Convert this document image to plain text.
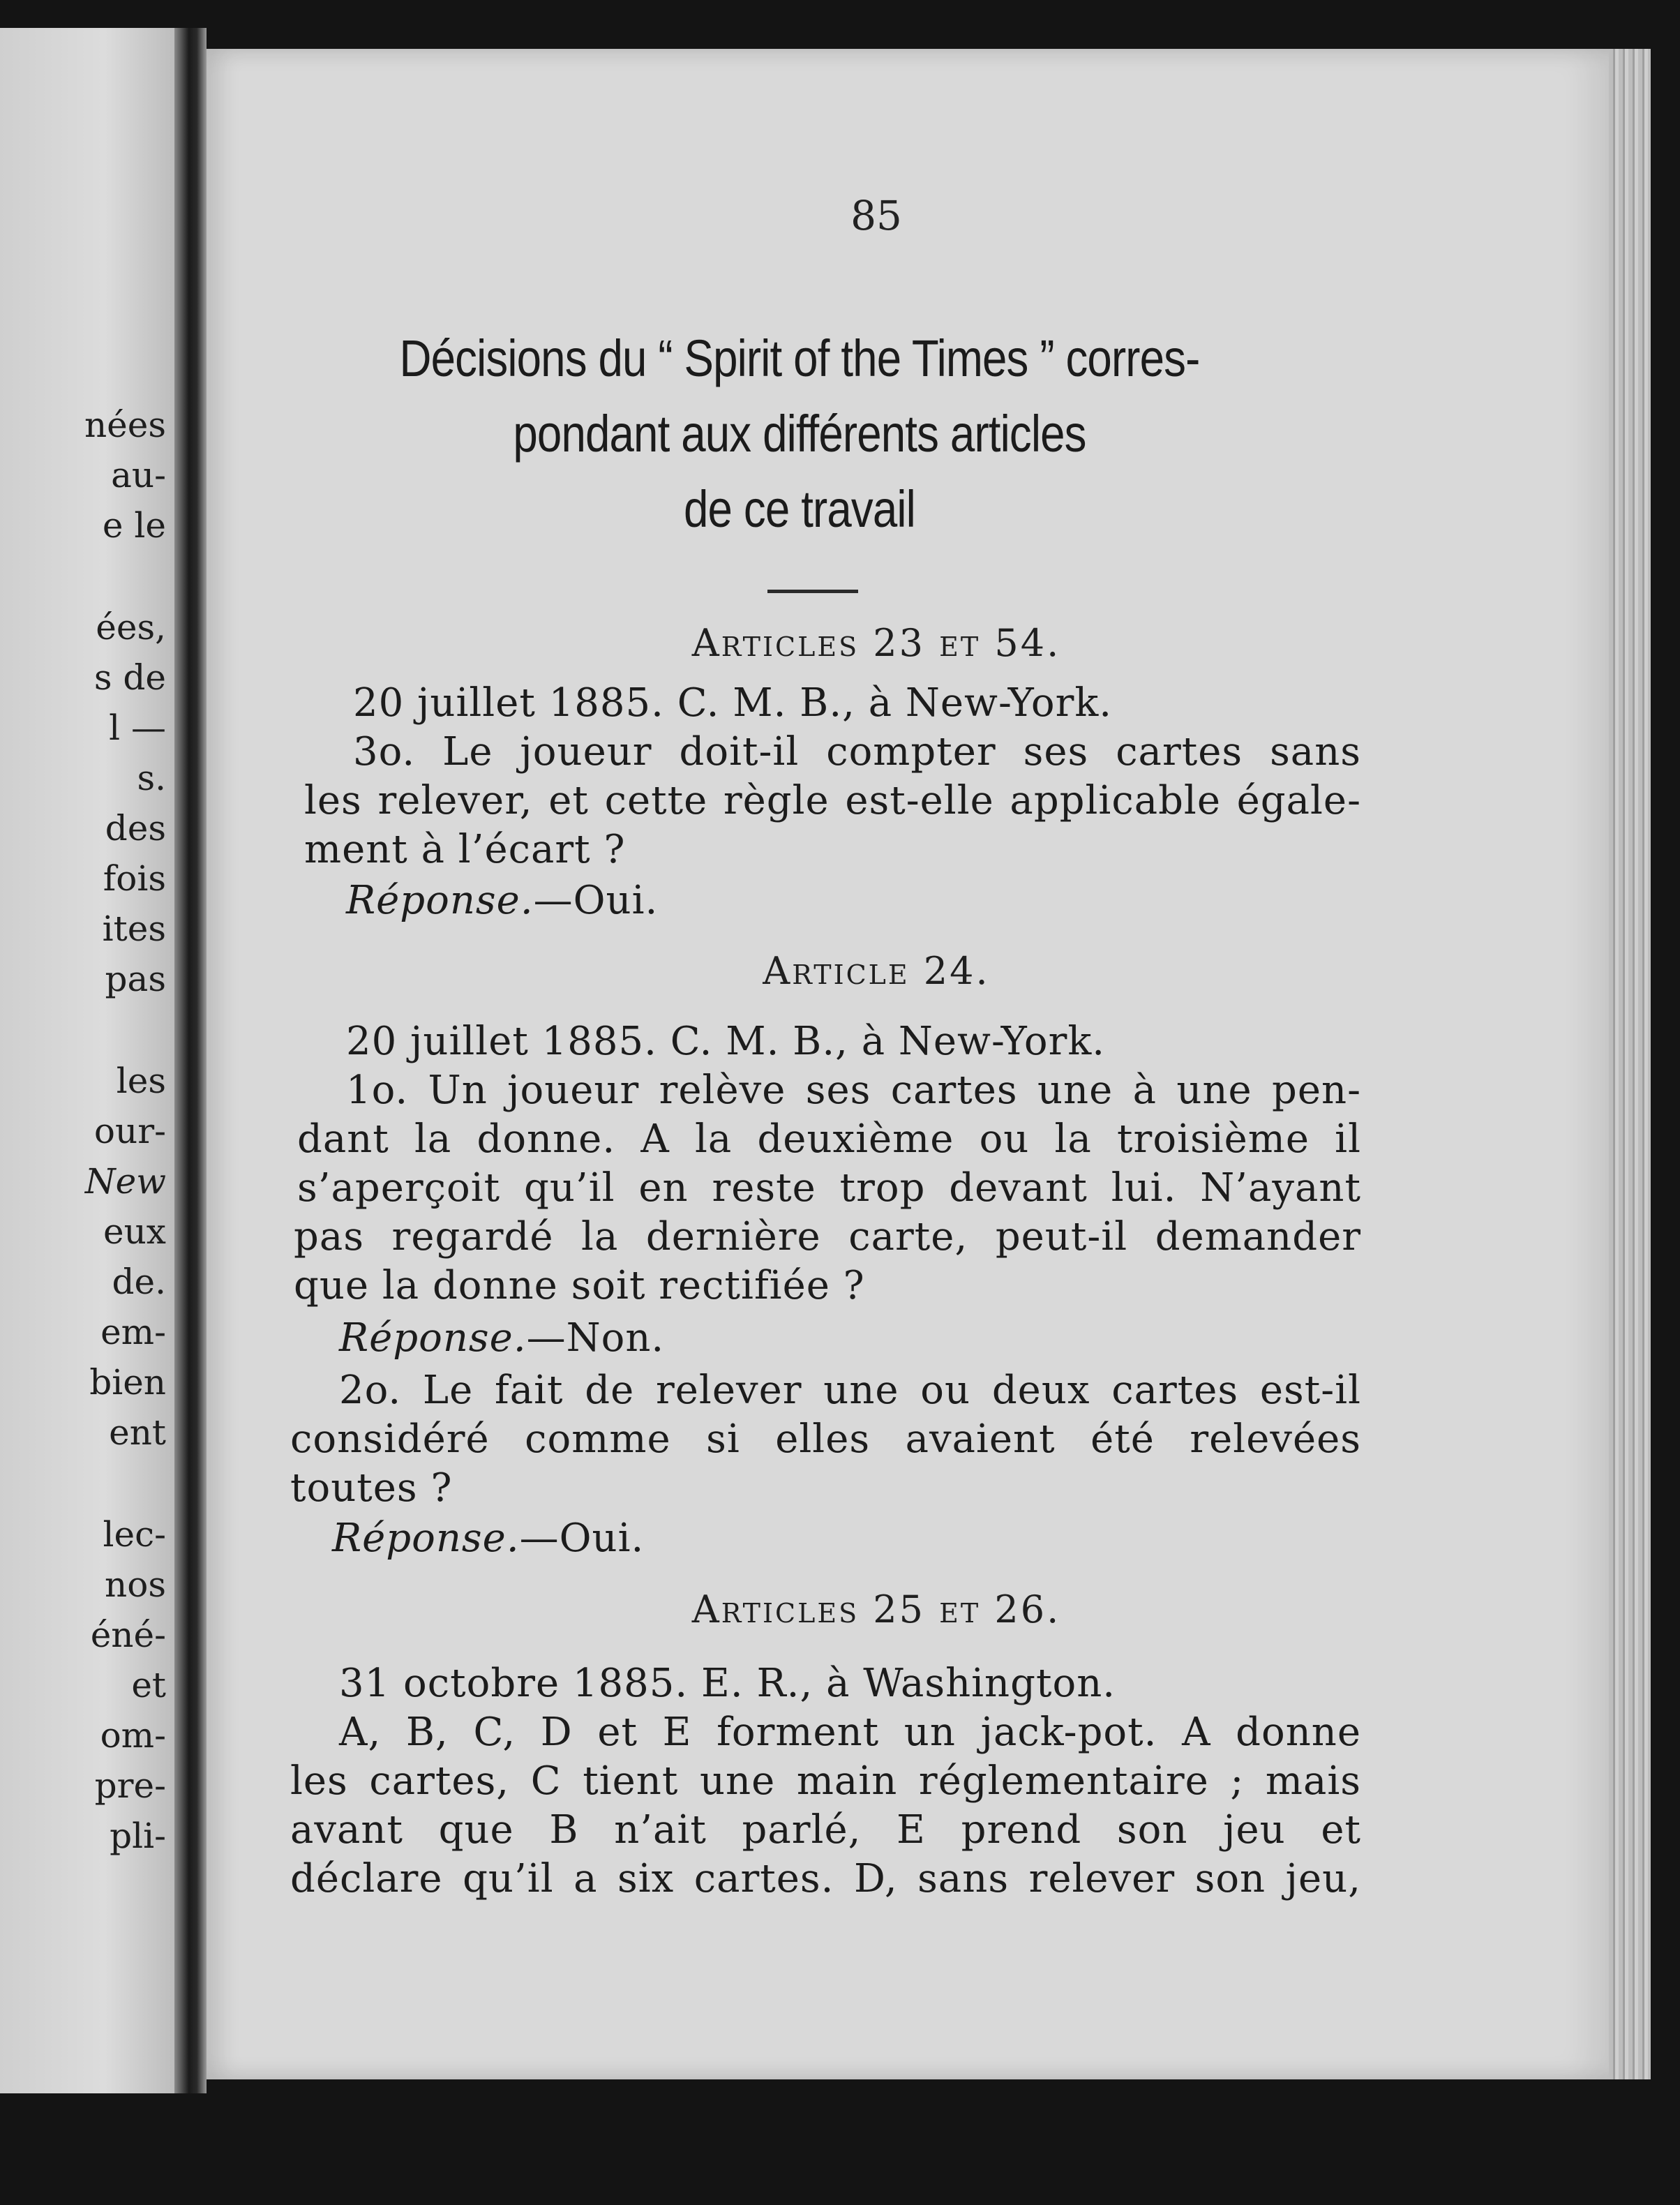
nées
au-
e le
ées,
s de
l —
s.
des
fois
ites
pas
les
our-
New
eux
de.
em-
bien
ent
lec-
nos
éné-
et
om-
pre-
pli-
85
Décisions du “ Spirit of the Times ” corres-
pondant aux différents articles
de ce travail
Articles 23 et 54.
20 juillet 1885. C. M. B., à New-York.
3o. Le joueur doit-il compter ses cartes sans
les relever, et cette règle est-elle applicable égale-
ment à l’écart ?
Réponse.—Oui.
Article 24.
20 juillet 1885. C. M. B., à New-York.
1o. Un joueur relève ses cartes une à une pen-
dant la donne. A la deuxième ou la troisième il
s’aperçoit qu’il en reste trop devant lui. N’ayant
pas regardé la dernière carte, peut-il demander
que la donne soit rectifiée ?
Réponse.—Non.
2o. Le fait de relever une ou deux cartes est-il
considéré comme si elles avaient été relevées
toutes ?
Réponse.—Oui.
Articles 25 et 26.
31 octobre 1885. E. R., à Washington.
A, B, C, D et E forment un jack-pot. A donne
les cartes, C tient une main réglementaire ; mais
avant que B n’ait parlé, E prend son jeu et
déclare qu’il a six cartes. D, sans relever son jeu,
